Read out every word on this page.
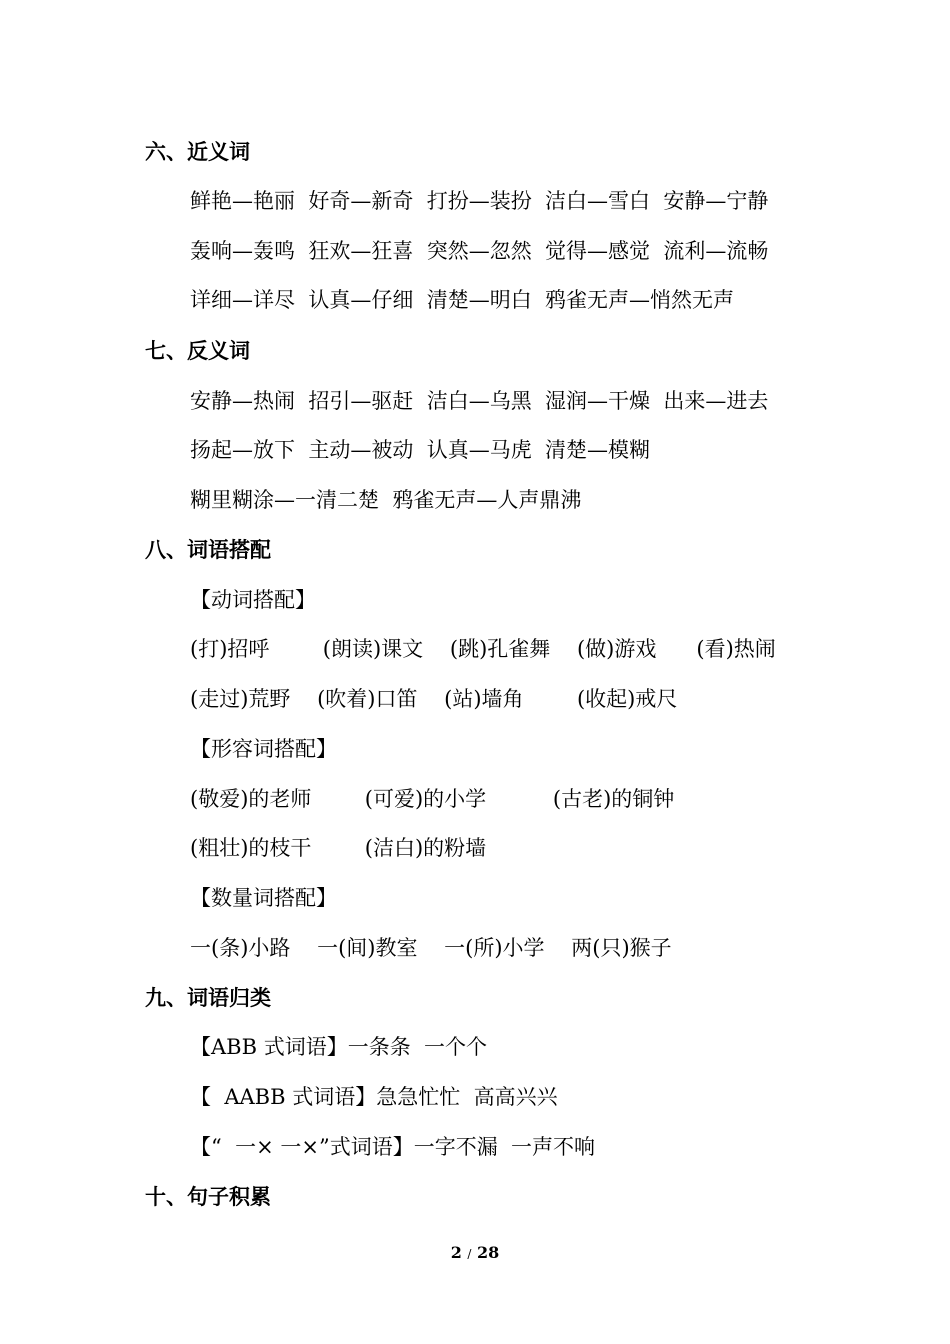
六、近义词
鲜艳—艳丽  好奇—新奇  打扮—装扮  洁白—雪白  安静—宁静
轰响—轰鸣  狂欢—狂喜  突然—忽然  觉得—感觉  流利—流畅
详细—详尽  认真—仔细  清楚—明白  鸦雀无声—悄然无声
七、反义词
安静—热闹  招引—驱赶  洁白—乌黑  湿润—干燥  出来—进去
扬起—放下  主动—被动  认真—马虎  清楚—模糊
糊里糊涂—一清二楚  鸦雀无声—人声鼎沸
八、词语搭配
【动词搭配】
(打)招呼        (朗读)课文    (跳)孔雀舞    (做)游戏      (看)热闹
(走过)荒野    (吹着)口笛    (站)墙角        (收起)戒尺
【形容词搭配】
(敬爱)的老师        (可爱)的小学          (古老)的铜钟
(粗壮)的枝干        (洁白)的粉墙
【数量词搭配】
一(条)小路    一(间)教室    一(所)小学    两(只)猴子
九、词语归类
【ABB 式词语】一条条  一个个
【  AABB 式词语】急急忙忙  高高兴兴
【“  一× 一×”式词语】一字不漏  一声不响
十、句子积累
2 / 28
